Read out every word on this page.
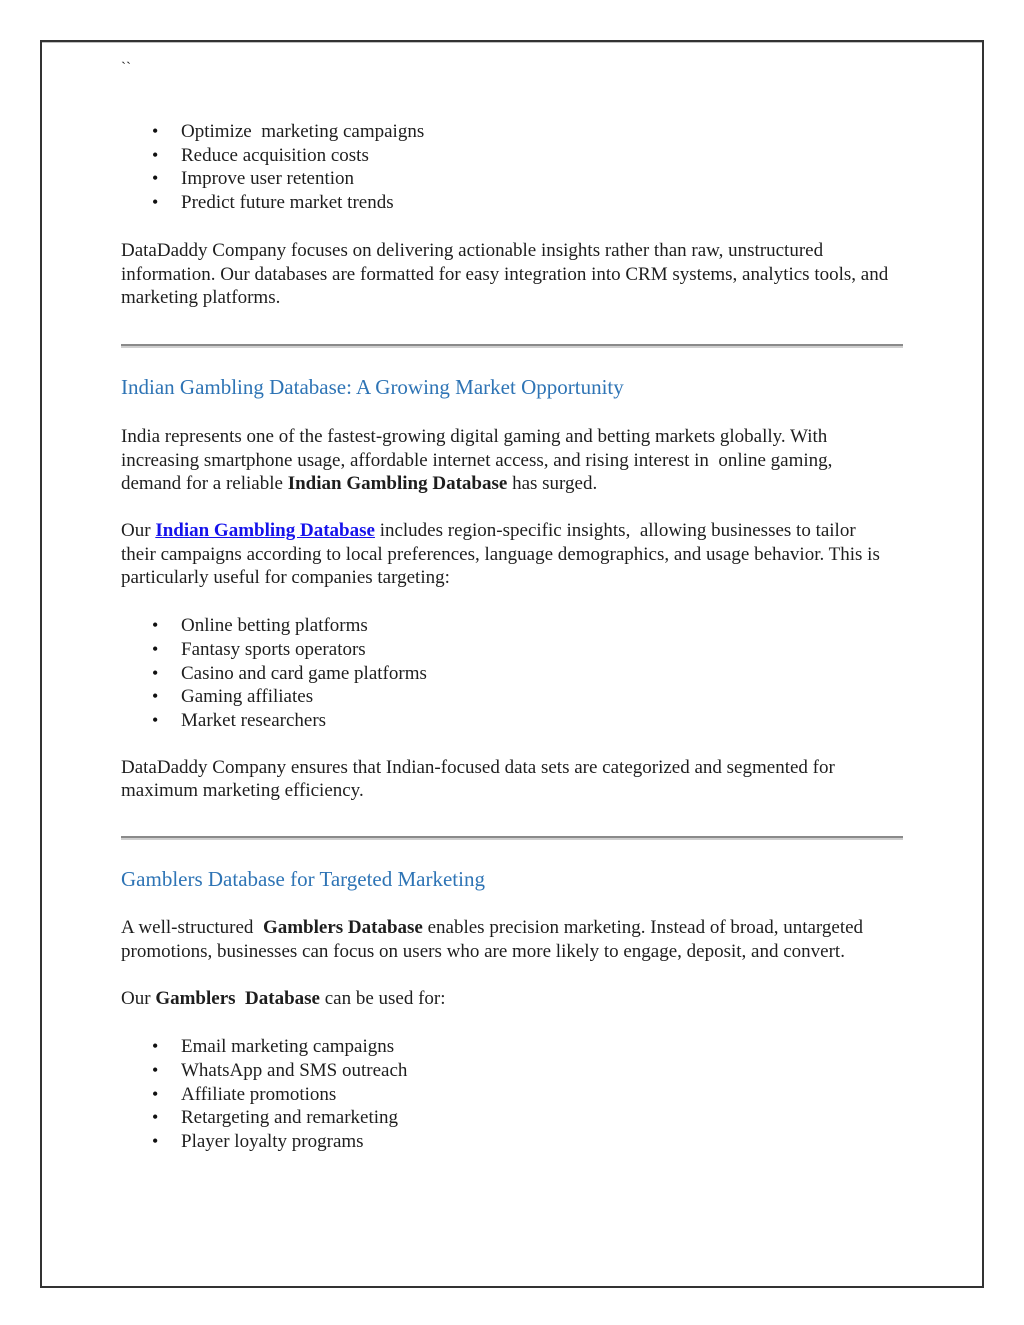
``
• Optimize  marketing campaigns
• Reduce acquisition costs
• Improve user retention
• Predict future market trends

DataDaddy Company focuses on delivering actionable insights rather than raw, unstructured information. Our databases are formatted for easy integration into CRM systems, analytics tools, and marketing platforms.

Indian Gambling Database: A Growing Market Opportunity

India represents one of the fastest-growing digital gaming and betting markets globally. With increasing smartphone usage, affordable internet access, and rising interest in  online gaming, demand for a reliable Indian Gambling Database has surged.

Our Indian Gambling Database includes region-specific insights,  allowing businesses to tailor their campaigns according to local preferences, language demographics, and usage behavior. This is particularly useful for companies targeting:

• Online betting platforms
• Fantasy sports operators
• Casino and card game platforms
• Gaming affiliates
• Market researchers

DataDaddy Company ensures that Indian-focused data sets are categorized and segmented for maximum marketing efficiency.

Gamblers Database for Targeted Marketing

A well-structured  Gamblers Database enables precision marketing. Instead of broad, untargeted promotions, businesses can focus on users who are more likely to engage, deposit, and convert.

Our Gamblers  Database can be used for:

• Email marketing campaigns
• WhatsApp and SMS outreach
• Affiliate promotions
• Retargeting and remarketing
• Player loyalty programs
